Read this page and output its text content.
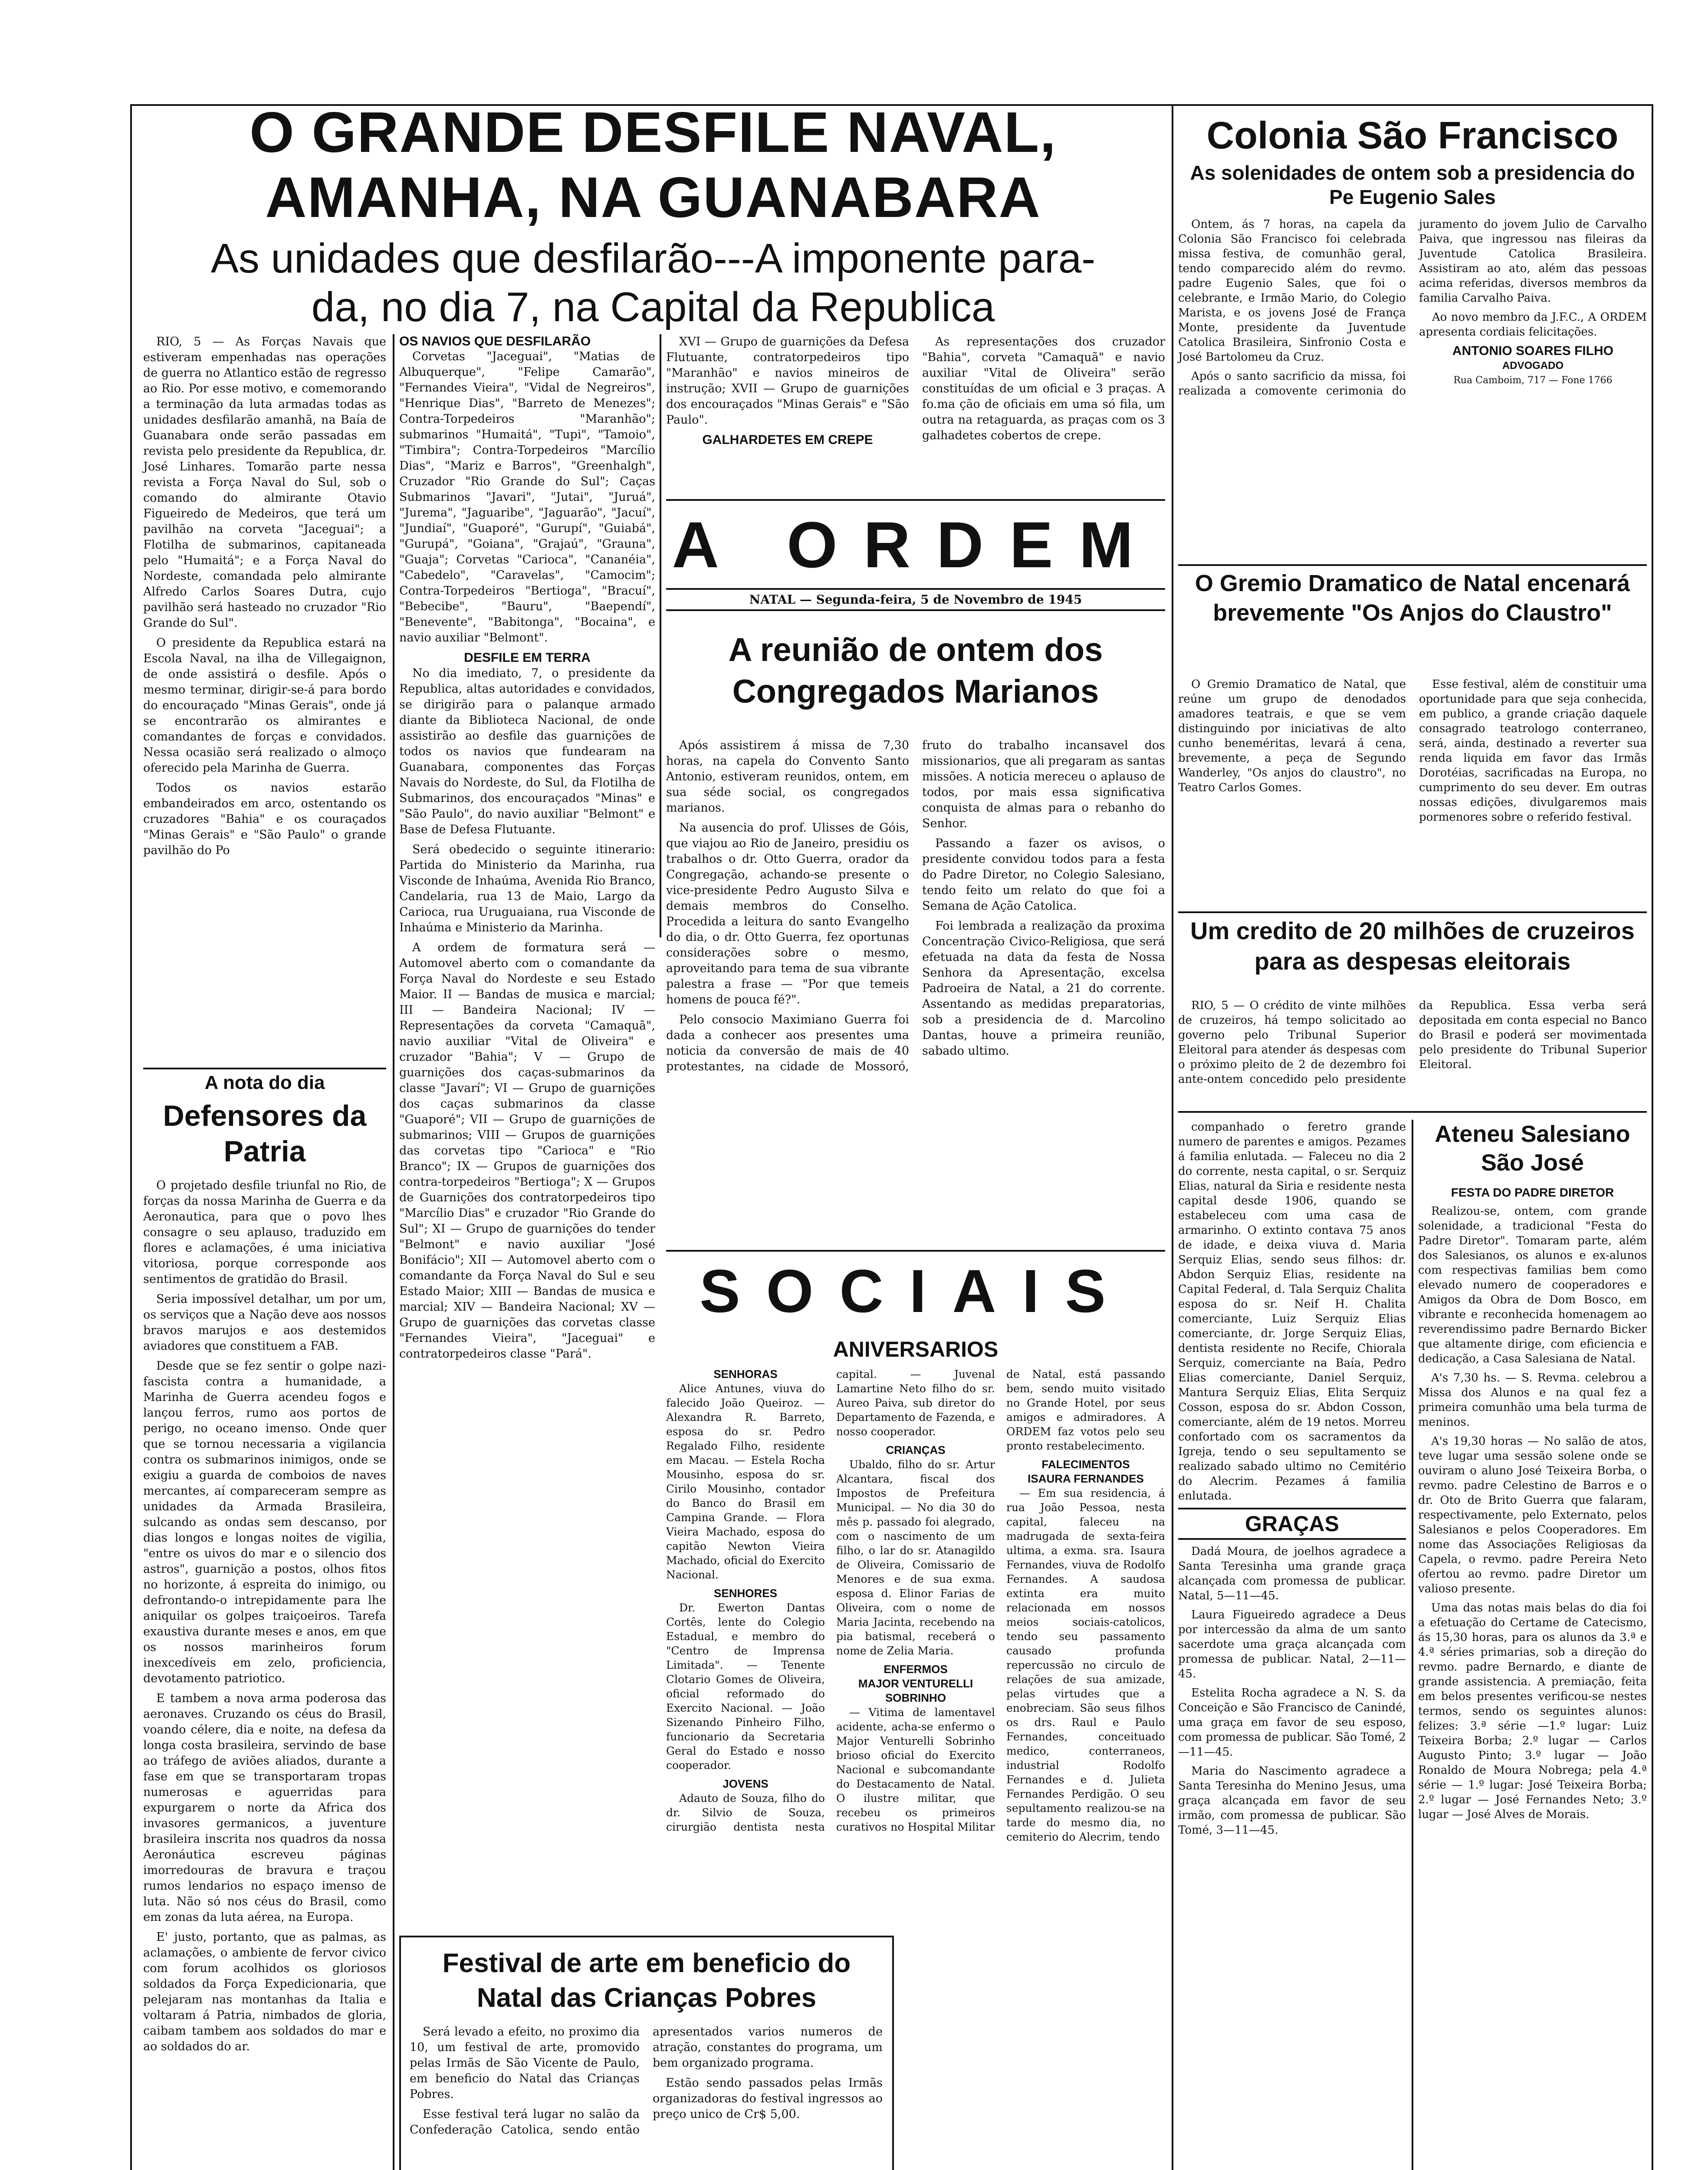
O GRANDE DESFILE NAVAL,
AMANHA, NA GUANABARA
As unidades que desfilarão---A imponente para-
da, no dia 7, na Capital da Republica

RIO, 5 — As Forças Navais que estiveram empenhadas nas operações de guerra no Atlantico estão de regresso ao Rio. Por esse motivo, e comemorando a terminação da luta armadas todas as unidades desfilarão amanhã, na Baía de Guanabara onde serão passadas em revista pelo presidente da Republica, dr. José Linhares. Tomarão parte nessa revista a Força Naval do Sul, sob o comando do almirante Otavio Figueiredo de Medeiros, que terá um pavilhão na corveta "Jaceguai"; a Flotilha de submarinos, capitaneada pelo "Humaitá"; e a Força Naval do Nordeste, comandada pelo almirante Alfredo Carlos Soares Dutra, cujo pavilhão será hasteado no cruzador "Rio Grande do Sul".

O presidente da Republica estará na Escola Naval, na ilha de Villegaignon, de onde assistirá o desfile. Após o mesmo terminar, dirigir-se-á para bordo do encouraçado "Minas Gerais", onde já se encontrarão os almirantes e comandantes de forças e convidados. Nessa ocasião será realizado o almoço oferecido pela Marinha de Guerra.

Todos os navios estarão embandeirados em arco, ostentando os cruzadores "Bahia" e os couraçados "Minas Gerais" e "São Paulo" o grande pavilhão do Po

A nota do dia
Defensores da Patria

O projetado desfile triunfal no Rio, de forças da nossa Marinha de Guerra e da Aeronautica, para que o povo lhes consagre o seu aplauso, traduzido em flores e aclamações, é uma iniciativa vitoriosa, porque corresponde aos sentimentos de gratidão do Brasil.

Seria impossível detalhar, um por um, os serviços que a Nação deve aos nossos bravos marujos e aos destemidos aviadores que constituem a FAB.

Desde que se fez sentir o golpe nazi-fascista contra a humanidade, a Marinha de Guerra acendeu fogos e lançou ferros, rumo aos portos de perigo, no oceano imenso. Onde quer que se tornou necessaria a vigilancia contra os submarinos inimigos, onde se exigiu a guarda de comboios de naves mercantes, aí compareceram sempre as unidades da Armada Brasileira, sulcando as ondas sem descanso, por dias longos e longas noites de vigilia, "entre os uivos do mar e o silencio dos astros", guarnição a postos, olhos fitos no horizonte, á espreita do inimigo, ou defrontando-o intrepidamente para lhe aniquilar os golpes traiçoeiros. Tarefa exaustiva durante meses e anos, em que os nossos marinheiros forum inexcedíveis em zelo, proficiencia, devotamento patriotico.

E tambem a nova arma poderosa das aeronaves. Cruzando os céus do Brasil, voando célere, dia e noite, na defesa da longa costa brasileira, servindo de base ao tráfego de aviões aliados, durante a fase em que se transportaram tropas numerosas e aguerridas para expurgarem o norte da Africa dos invasores germanicos, a juventure brasileira inscrita nos quadros da nossa Aeronáutica escreveu páginas imorredouras de bravura e traçou rumos lendarios no espaço imenso de luta. Não só nos céus do Brasil, como em zonas da luta aérea, na Europa.

E' justo, portanto, que as palmas, as aclamações, o ambiente de fervor civico com forum acolhidos os gloriosos soldados da Força Expedicionaria, que pelejaram nas montanhas da Italia e voltaram á Patria, nimbados de gloria, caibam tambem aos soldados do mar e ao soldados do ar.

OS NAVIOS QUE DESFILARÃO

Corvetas "Jaceguai", "Matias de Albuquerque", "Felipe Camarão", "Fernandes Vieira", "Vidal de Negreiros", "Henrique Dias", "Barreto de Menezes"; Contra-Torpedeiros "Maranhão"; submarinos "Humaitá", "Tupi", "Tamoio", "Timbira"; Contra-Torpedeiros "Marcílio Dias", "Mariz e Barros", "Greenhalgh", Cruzador "Rio Grande do Sul"; Caças Submarinos "Javari", "Jutai", "Juruá", "Jurema", "Jaguaribe", "Jaguarão", "Jacuí", "Jundiaí", "Guaporé", "Gurupí", "Guiabá", "Gurupá", "Goiana", "Grajaú", "Grauna", "Guaja"; Corvetas "Carioca", "Cananéia", "Cabedelo", "Caravelas", "Camocim"; Contra-Torpedeiros "Bertioga", "Bracuí", "Bebecibe", "Bauru", "Baependí", "Benevente", "Babitonga", "Bocaina", e navio auxiliar "Belmont".

DESFILE EM TERRA

No dia imediato, 7, o presidente da Republica, altas autoridades e convidados, se dirigirão para o palanque armado diante da Biblioteca Nacional, de onde assistirão ao desfile das guarnições de todos os navios que fundearam na Guanabara, componentes das Forças Navais do Nordeste, do Sul, da Flotilha de Submarinos, dos encouraçados "Minas" e "São Paulo", do navio auxiliar "Belmont" e Base de Defesa Flutuante.

Será obedecido o seguinte itinerario: Partida do Ministerio da Marinha, rua Visconde de Inhaúma, Avenida Rio Branco, Candelaria, rua 13 de Maio, Largo da Carioca, rua Uruguaiana, rua Visconde de Inhaúma e Ministerio da Marinha.

A ordem de formatura será — Automovel aberto com o comandante da Força Naval do Nordeste e seu Estado Maior. II — Bandas de musica e marcial; III — Bandeira Nacional; IV — Representações da corveta "Camaquã", navio auxiliar "Vital de Oliveira" e cruzador "Bahia"; V — Grupo de guarnições dos caças-submarinos da classe "Javarí"; VI — Grupo de guarnições dos caças submarinos da classe "Guaporé"; VII — Grupo de guarnições de submarinos; VIII — Grupos de guarnições das corvetas tipo "Carioca" e "Rio Branco"; IX — Grupos de guarnições dos contra-torpedeiros "Bertioga"; X — Grupos de Guarnições dos contratorpedeiros tipo "Marcílio Dias" e cruzador "Rio Grande do Sul"; XI — Grupo de guarnições do tender "Belmont" e navio auxiliar "José Bonifácio"; XII — Automovel aberto com o comandante da Força Naval do Sul e seu Estado Maior; XIII — Bandas de musica e marcial; XIV — Bandeira Nacional; XV — Grupo de guarnições das corvetas classe "Fernandes Vieira", "Jaceguai" e contratorpedeiros classe "Pará".

XVI — Grupo de guarnições da Defesa Flutuante, contratorpedeiros tipo "Maranhão" e navios mineiros de instrução; XVII — Grupo de guarnições dos encouraçados "Minas Gerais" e "São Paulo".

GALHARDETES EM CREPE

As representações dos cruzador "Bahia", corveta "Camaquã" e navio auxiliar "Vital de Oliveira" serão constituídas de um oficial e 3 praças. A fo.ma ção de oficiais em uma só fila, um outra na retaguarda, as praças com os 3 galhadetes cobertos de crepe.

A ORDEM
NATAL — Segunda-feira, 5 de Novembro de 1945
A reunião de ontem dos
Congregados Marianos

Após assistirem á missa de 7,30 horas, na capela do Convento Santo Antonio, estiveram reunidos, ontem, em sua séde social, os congregados marianos.

Na ausencia do prof. Ulisses de Góis, que viajou ao Rio de Janeiro, presidiu os trabalhos o dr. Otto Guerra, orador da Congregação, achando-se presente o vice-presidente Pedro Augusto Silva e demais membros do Conselho. Procedida a leitura do santo Evangelho do dia, o dr. Otto Guerra, fez oportunas considerações sobre o mesmo, aproveitando para tema de sua vibrante palestra a frase — "Por que temeis homens de pouca fé?".

Pelo consocio Maximiano Guerra foi dada a conhecer aos presentes uma noticia da conversão de mais de 40 protestantes, na cidade de Mossoró, fruto do trabalho incansavel dos missionarios, que ali pregaram as santas missões. A noticia mereceu o aplauso de todos, por mais essa significativa conquista de almas para o rebanho do Senhor.

Passando a fazer os avisos, o presidente convidou todos para a festa do Padre Diretor, no Colegio Salesiano, tendo feito um relato do que foi a Semana de Ação Catolica.

Foi lembrada a realização da proxima Concentração Civico-Religiosa, que será efetuada na data da festa de Nossa Senhora da Apresentação, excelsa Padroeira de Natal, a 21 do corrente. Assentando as medidas preparatorias, sob a presidencia de d. Marcolino Dantas, houve a primeira reunião, sabado ultimo.

SOCIAIS
ANIVERSARIOS
SENHORAS

Alice Antunes, viuva do falecido João Queiroz. — Alexandra R. Barreto, esposa do sr. Pedro Regalado Filho, residente em Macau. — Estela Rocha Mousinho, esposa do sr. Cirilo Mousinho, contador do Banco do Brasil em Campina Grande. — Flora Vieira Machado, esposa do capitão Newton Vieira Machado, oficial do Exercito Nacional.

SENHORES

Dr. Ewerton Dantas Cortês, lente do Colegio Estadual, e membro do "Centro de Imprensa Limitada". — Tenente Clotario Gomes de Oliveira, oficial reformado do Exercito Nacional. — João Sizenando Pinheiro Filho, funcionario da Secretaria Geral do Estado e nosso cooperador.

JOVENS

Adauto de Souza, filho do dr. Silvio de Souza, cirurgião dentista nesta capital. — Juvenal Lamartine Neto filho do sr. Aureo Paiva, sub diretor do Departamento de Fazenda, e nosso cooperador.

CRIANÇAS

Ubaldo, filho do sr. Artur Alcantara, fiscal dos Impostos de Prefeitura Municipal. — No dia 30 do mês p. passado foi alegrado, com o nascimento de um filho, o lar do sr. Atanagildo de Oliveira, Comissario de Menores e de sua exma. esposa d. Elinor Farias de Oliveira, com o nome de Maria Jacinta, recebendo na pia batismal, receberá o nome de Zelia Maria.

ENFERMOS
MAJOR VENTURELLI SOBRINHO

— Vitima de lamentavel acidente, acha-se enfermo o Major Venturelli Sobrinho brioso oficial do Exercito Nacional e subcomandante do Destacamento de Natal. O ilustre militar, que recebeu os primeiros curativos no Hospital Militar de Natal, está passando bem, sendo muito visitado no Grande Hotel, por seus amigos e admiradores. A ORDEM faz votos pelo seu pronto restabelecimento.

FALECIMENTOS
ISAURA FERNANDES

— Em sua residencia, á rua João Pessoa, nesta capital, faleceu na madrugada de sexta-feira ultima, a exma. sra. Isaura Fernandes, viuva de Rodolfo Fernandes. A saudosa extinta era muito relacionada em nossos meios sociais-catolicos, tendo seu passamento causado profunda repercussão no circulo de relações de sua amizade, pelas virtudes que a enobreciam. São seus filhos os drs. Raul e Paulo Fernandes, conceituado medico, conterraneos, industrial Rodolfo Fernandes e d. Julieta Fernandes Perdigão. O seu sepultamento realizou-se na tarde do mesmo dia, no cemiterio do Alecrim, tendo

Festival de arte em beneficio do
Natal das Crianças Pobres

Será levado a efeito, no proximo dia 10, um festival de arte, promovido pelas Irmãs de São Vicente de Paulo, em beneficio do Natal das Crianças Pobres.

Esse festival terá lugar no salão da Confederação Catolica, sendo então apresentados varios numeros de atração, constantes do programa, um bem organizado programa.

Estão sendo passados pelas Irmãs organizadoras do festival ingressos ao preço unico de Cr$ 5,00.

Colonia São Francisco
As solenidades de ontem sob a presidencia do Pe Eugenio Sales

Ontem, ás 7 horas, na capela da Colonia São Francisco foi celebrada missa festiva, de comunhão geral, tendo comparecido além do revmo. padre Eugenio Sales, que foi o celebrante, e Irmão Mario, do Colegio Marista, e os jovens José de França Monte, presidente da Juventude Catolica Brasileira, Sinfronio Costa e José Bartolomeu da Cruz.

Após o santo sacrificio da missa, foi realizada a comovente cerimonia do juramento do jovem Julio de Carvalho Paiva, que ingressou nas fileiras da Juventude Catolica Brasileira. Assistiram ao ato, além das pessoas acima referidas, diversos membros da familia Carvalho Paiva.

Ao novo membro da J.F.C., A ORDEM apresenta cordiais felicitações.

ANTONIO SOARES FILHO
ADVOGADO
Rua Camboim, 717 — Fone 1766
O Gremio Dramatico de Natal encenará brevemente "Os Anjos do Claustro"

O Gremio Dramatico de Natal, que reúne um grupo de denodados amadores teatrais, e que se vem distinguindo por iniciativas de alto cunho beneméritas, levará á cena, brevemente, a peça de Segundo Wanderley, "Os anjos do claustro", no Teatro Carlos Gomes.

Esse festival, além de constituir uma oportunidade para que seja conhecida, em publico, a grande criação daquele consagrado teatrologo conterraneo, será, ainda, destinado a reverter sua renda liquida em favor das Irmãs Dorotéias, sacrificadas na Europa, no cumprimento do seu dever. Em outras nossas edições, divulgaremos mais pormenores sobre o referido festival.

Um credito de 20 milhões de cruzeiros para as despesas eleitorais

RIO, 5 — O crédito de vinte milhões de cruzeiros, há tempo solicitado ao governo pelo Tribunal Superior Eleitoral para atender ás despesas com o próximo pleito de 2 de dezembro foi ante-ontem concedido pelo presidente da Republica. Essa verba será depositada em conta especial no Banco do Brasil e poderá ser movimentada pelo presidente do Tribunal Superior Eleitoral.

companhado o feretro grande numero de parentes e amigos. Pezames á familia enlutada. — Faleceu no dia 2 do corrente, nesta capital, o sr. Serquiz Elias, natural da Siria e residente nesta capital desde 1906, quando se estabeleceu com uma casa de armarinho. O extinto contava 75 anos de idade, e deixa viuva d. Maria Serquiz Elias, sendo seus filhos: dr. Abdon Serquiz Elias, residente na Capital Federal, d. Tala Serquiz Chalita esposa do sr. Neif H. Chalita comerciante, Luiz Serquiz Elias comerciante, dr. Jorge Serquiz Elias, dentista residente no Recife, Chiorala Serquiz, comerciante na Baía, Pedro Elias comerciante, Daniel Serquiz, Mantura Serquiz Elias, Elita Serquiz Cosson, esposa do sr. Abdon Cosson, comerciante, além de 19 netos. Morreu confortado com os sacramentos da Igreja, tendo o seu sepultamento se realizado sabado ultimo no Cemitério do Alecrim. Pezames á familia enlutada.

GRAÇAS

Dadá Moura, de joelhos agradece a Santa Teresinha uma grande graça alcançada com promessa de publicar. Natal, 5—11—45.

Laura Figueiredo agradece a Deus por intercessão da alma de um santo sacerdote uma graça alcançada com promessa de publicar. Natal, 2—11—45.

Estelita Rocha agradece a N. S. da Conceição e São Francisco de Canindé, uma graça em favor de seu esposo, com promessa de publicar. São Tomé, 2—11—45.

Maria do Nascimento agradece a Santa Teresinha do Menino Jesus, uma graça alcançada em favor de seu irmão, com promessa de publicar. São Tomé, 3—11—45.

Ateneu Salesiano São José
FESTA DO PADRE DIRETOR

Realizou-se, ontem, com grande solenidade, a tradicional "Festa do Padre Diretor". Tomaram parte, além dos Salesianos, os alunos e ex-alunos com respectivas familias bem como elevado numero de cooperadores e Amigos da Obra de Dom Bosco, em vibrante e reconhecida homenagem ao reverendissimo padre Bernardo Bicker que altamente dirige, com eficiencia e dedicação, a Casa Salesiana de Natal.

A's 7,30 hs. — S. Revma. celebrou a Missa dos Alunos e na qual fez a primeira comunhão uma bela turma de meninos.

A's 19,30 horas — No salão de atos, teve lugar uma sessão solene onde se ouviram o aluno José Teixeira Borba, o revmo. padre Celestino de Barros e o dr. Oto de Brito Guerra que falaram, respectivamente, pelo Externato, pelos Salesianos e pelos Cooperadores. Em nome das Associações Religiosas da Capela, o revmo. padre Pereira Neto ofertou ao revmo. padre Diretor um valioso presente.

Uma das notas mais belas do dia foi a efetuação do Certame de Catecismo, ás 15,30 horas, para os alunos da 3.ª e 4.ª séries primarias, sob a direção do revmo. padre Bernardo, e diante de grande assistencia. A premiação, feita em belos presentes verificou-se nestes termos, sendo os seguintes alunos: felizes: 3.ª série —1.º lugar: Luiz Teixeira Borba; 2.º lugar — Carlos Augusto Pinto; 3.º lugar — João Ronaldo de Moura Nobrega; pela 4.ª série — 1.º lugar: José Teixeira Borba; 2.º lugar — José Fernandes Neto; 3.º lugar — José Alves de Morais.
